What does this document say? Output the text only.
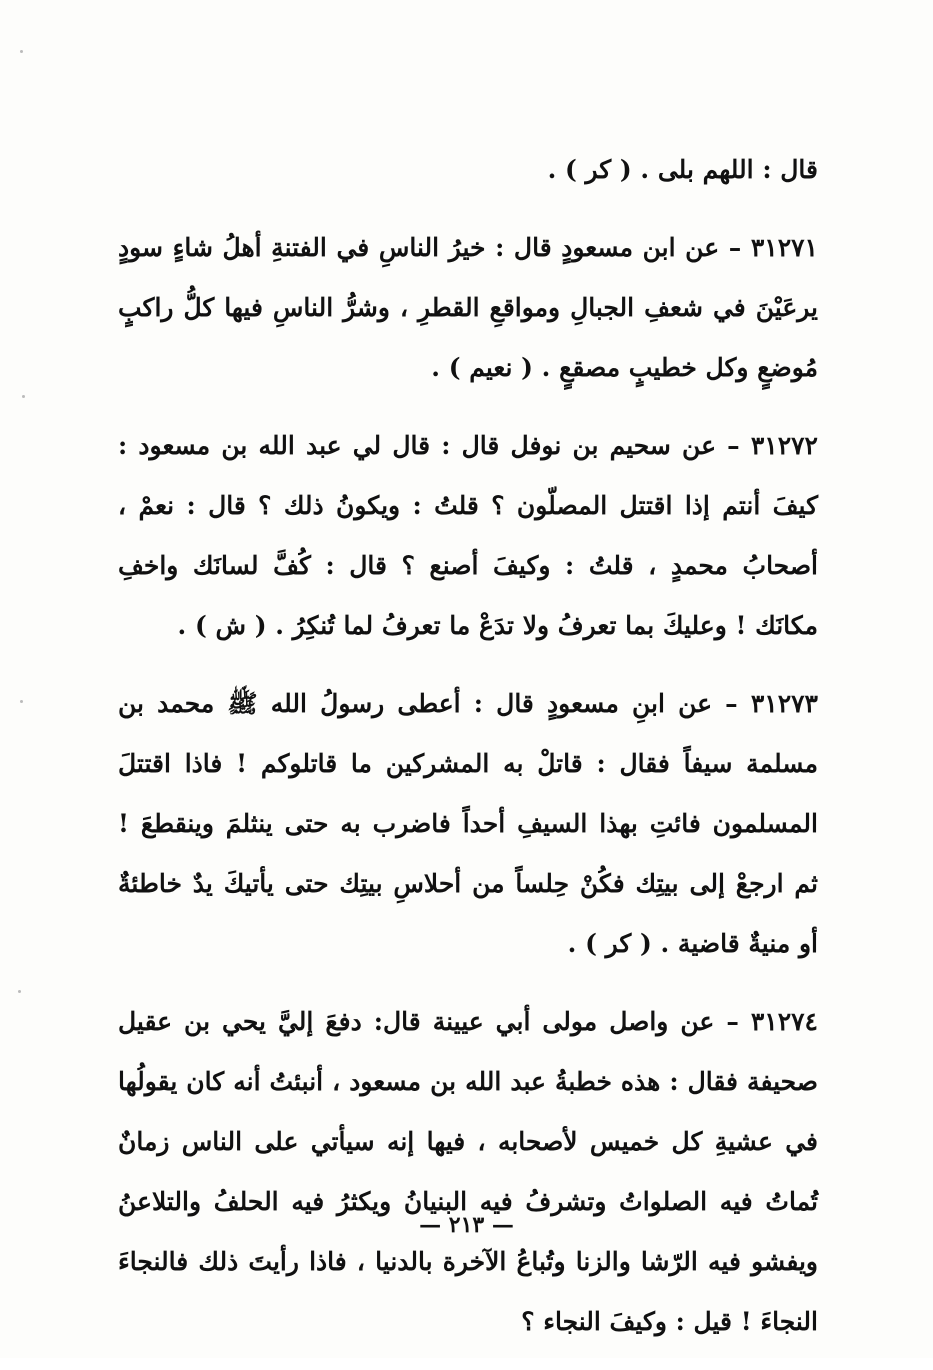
قال : اللهم بلى . ( كر ) .

٣١٢٧١ – عن ابن مسعودٍ قال : خيرُ الناسِ في الفتنةِ أهلُ شاءٍ سودٍ يرعَيْنَ في شعفِ الجبالِ ومواقعِ القطرِ ، وشرُّ الناسِ فيها كلُّ راكبٍ مُوضعٍ وكل خطيبٍ مصقعٍ . ( نعيم ) .

٣١٢٧٢ – عن سحيم بن نوفل قال : قال لي عبد الله بن مسعود : كيفَ أنتم إذا اقتتل المصلّون ؟ قلتُ : ويكونُ ذلك ؟ قال : نعمْ ، أصحابُ محمدٍ ، قلتُ : وكيفَ أصنع ؟ قال : كُفَّ لسانَك واخفِ مكانَك ! وعليكَ بما تعرفُ ولا تدَعْ ما تعرفُ لما تُنكِرُ . ( ش ) .

٣١٢٧٣ – عن ابنِ مسعودٍ قال : أعطى رسولُ الله ﷺ محمد بن مسلمة سيفاً فقال : قاتلْ به المشركين ما قاتلوكم ! فاذا اقتتلَ المسلمون فائتِ بهذا السيفِ أحداً فاضرب به حتى ينثلمَ وينقطعَ ! ثم ارجعْ إلى بيتِك فكُنْ حِلساً من أحلاسِ بيتِك حتى يأتيكَ يدٌ خاطئةٌ أو منيةٌ قاضية . ( كر ) .

٣١٢٧٤ – عن واصل مولى أبي عيينة قال: دفعَ إليَّ يحي بن عقيل صحيفة فقال : هذه خطبةُ عبد الله بن مسعود ، أنبئتُ أنه كان يقولُها في عشيةِ كل خميس لأصحابه ، فيها إنه سيأتي على الناس زمانٌ تُماتُ فيه الصلواتُ وتشرفُ فيه البنيانُ ويكثرُ فيه الحلفُ والتلاعنُ ويفشو فيه الرّشا والزنا وتُباعُ الآخرة بالدنيا ، فاذا رأيتَ ذلك فالنجاءَ النجاءَ ! قيل : وكيفَ النجاء ؟

— ٢١٣ —
